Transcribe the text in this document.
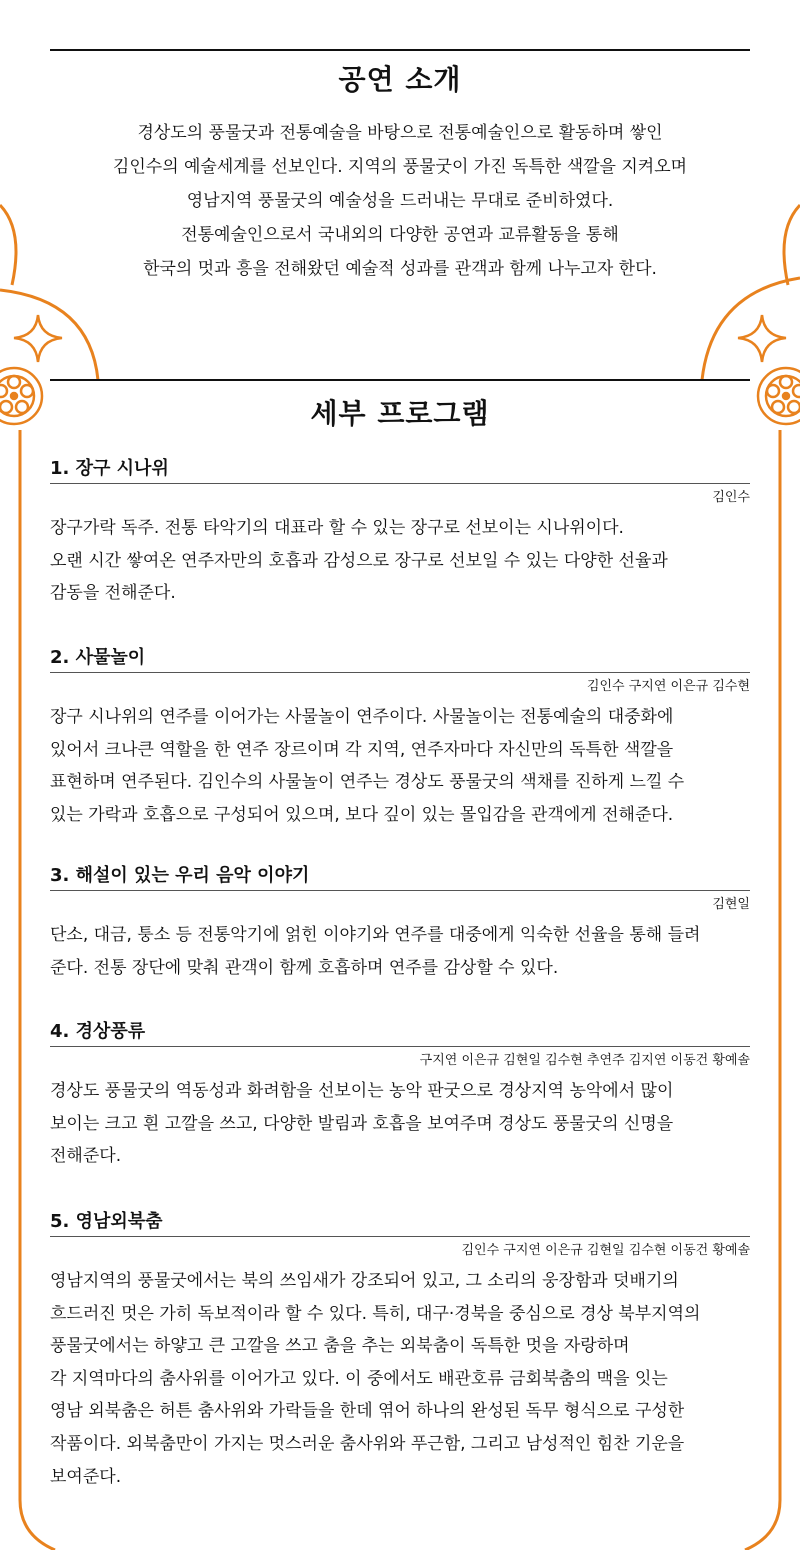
공연 소개

경상도의 풍물굿과 전통예술을 바탕으로 전통예술인으로 활동하며 쌓인

김인수의 예술세계를 선보인다. 지역의 풍물굿이 가진 독특한 색깔을 지켜오며

영남지역 풍물굿의 예술성을 드러내는 무대로 준비하였다.

전통예술인으로서 국내외의 다양한 공연과 교류활동을 통해

한국의 멋과 흥을 전해왔던 예술적 성과를 관객과 함께 나누고자 한다.

세부 프로그램
1. 장구 시나위
김인수

장구가락 독주. 전통 타악기의 대표라 할 수 있는 장구로 선보이는 시나위이다.

오랜 시간 쌓여온 연주자만의 호흡과 감성으로 장구로 선보일 수 있는 다양한 선율과

감동을 전해준다.

2. 사물놀이
김인수 구지연 이은규 김수현

장구 시나위의 연주를 이어가는 사물놀이 연주이다. 사물놀이는 전통예술의 대중화에

있어서 크나큰 역할을 한 연주 장르이며 각 지역, 연주자마다 자신만의 독특한 색깔을

표현하며 연주된다. 김인수의 사물놀이 연주는 경상도 풍물굿의 색채를 진하게 느낄 수

있는 가락과 호흡으로 구성되어 있으며, 보다 깊이 있는 몰입감을 관객에게 전해준다.

3. 해설이 있는 우리 음악 이야기
김현일

단소, 대금, 퉁소 등 전통악기에 얽힌 이야기와 연주를 대중에게 익숙한 선율을 통해 들려

준다. 전통 장단에 맞춰 관객이 함께 호흡하며 연주를 감상할 수 있다.

4. 경상풍류
구지연 이은규 김현일 김수현 추연주 김지연 이동건 황예솔

경상도 풍물굿의 역동성과 화려함을 선보이는 농악 판굿으로 경상지역 농악에서 많이

보이는 크고 흰 고깔을 쓰고, 다양한 발림과 호흡을 보여주며 경상도 풍물굿의 신명을

전해준다.

5. 영남외북춤
김인수 구지연 이은규 김현일 김수현 이동건 황예솔

영남지역의 풍물굿에서는 북의 쓰임새가 강조되어 있고, 그 소리의 웅장함과 덧배기의

흐드러진 멋은 가히 독보적이라 할 수 있다. 특히, 대구·경북을 중심으로 경상 북부지역의

풍물굿에서는 하얗고 큰 고깔을 쓰고 춤을 추는 외북춤이 독특한 멋을 자랑하며

각 지역마다의 춤사위를 이어가고 있다. 이 중에서도 배관호류 금회북춤의 맥을 잇는

영남 외북춤은 허튼 춤사위와 가락들을 한데 엮어 하나의 완성된 독무 형식으로 구성한

작품이다. 외북춤만이 가지는 멋스러운 춤사위와 푸근함, 그리고 남성적인 힘찬 기운을

보여준다.
